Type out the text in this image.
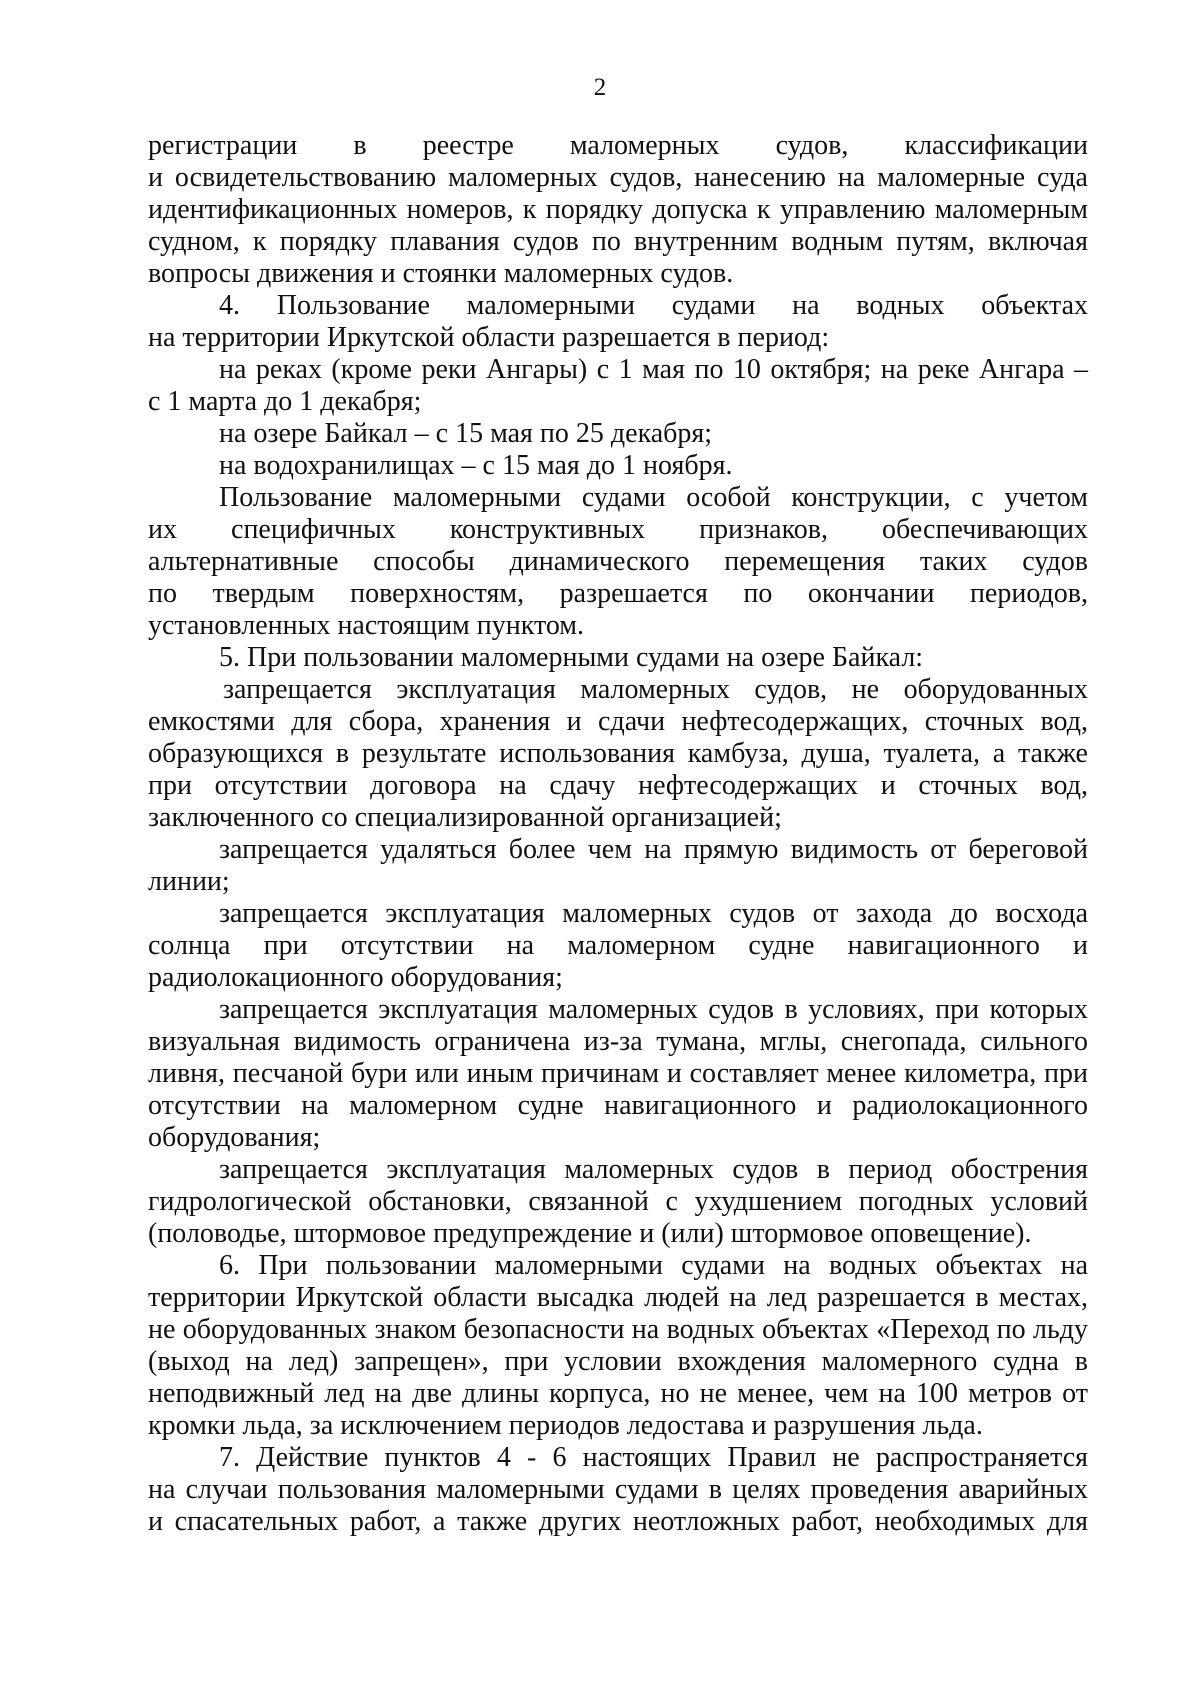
2
регистрации в реестре маломерных судов, классификации
и освидетельствованию маломерных судов, нанесению на маломерные суда
идентификационных номеров, к порядку допуска к управлению маломерным
судном, к порядку плавания судов по внутренним водным путям, включая
вопросы движения и стоянки маломерных судов.
4. Пользование маломерными судами на водных объектах
на территории Иркутской области разрешается в период:
на реках (кроме реки Ангары) с 1 мая по 10 октября; на реке Ангара –
с 1 марта до 1 декабря;
на озере Байкал – с 15 мая по 25 декабря;
на водохранилищах – с 15 мая до 1 ноября.
Пользование маломерными судами особой конструкции, с учетом
их специфичных конструктивных признаков, обеспечивающих
альтернативные способы динамического перемещения таких судов
по твердым поверхностям, разрешается по окончании периодов,
установленных настоящим пунктом.
5. При пользовании маломерными судами на озере Байкал:
запрещается эксплуатация маломерных судов, не оборудованных
емкостями для сбора, хранения и сдачи нефтесодержащих, сточных вод,
образующихся в результате использования камбуза, душа, туалета, а также
при отсутствии договора на сдачу нефтесодержащих и сточных вод,
заключенного со специализированной организацией;
запрещается удаляться более чем на прямую видимость от береговой
линии;
запрещается эксплуатация маломерных судов от захода до восхода
солнца при отсутствии на маломерном судне навигационного и
радиолокационного оборудования;
запрещается эксплуатация маломерных судов в условиях, при которых
визуальная видимость ограничена из-за тумана, мглы, снегопада, сильного
ливня, песчаной бури или иным причинам и составляет менее километра, при
отсутствии на маломерном судне навигационного и радиолокационного
оборудования;
запрещается эксплуатация маломерных судов в период обострения
гидрологической обстановки, связанной с ухудшением погодных условий
(половодье, штормовое предупреждение и (или) штормовое оповещение).
6. При пользовании маломерными судами на водных объектах на
территории Иркутской области высадка людей на лед разрешается в местах,
не оборудованных знаком безопасности на водных объектах «Переход по льду
(выход на лед) запрещен», при условии вхождения маломерного судна в
неподвижный лед на две длины корпуса, но не менее, чем на 100 метров от
кромки льда, за исключением периодов ледостава и разрушения льда.
7. Действие пунктов 4 - 6 настоящих Правил не распространяется
на случаи пользования маломерными судами в целях проведения аварийных
и спасательных работ, а также других неотложных работ, необходимых для
